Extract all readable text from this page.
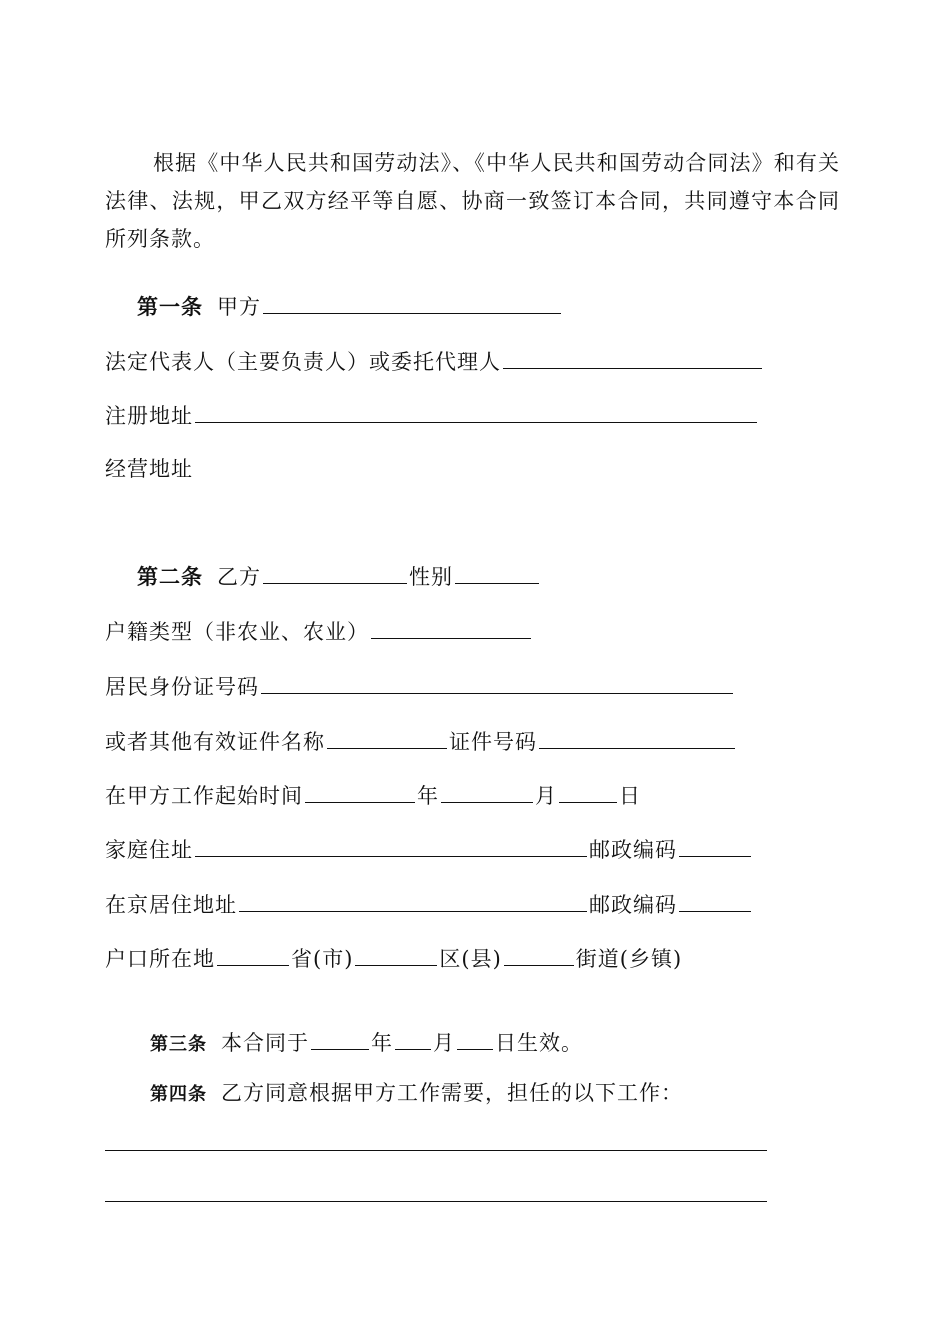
根据《中华人民共和国劳动法》、《中华人民共和国劳动合同法》和有关法律、法规，甲乙双方经平等自愿、协商一致签订本合同，共同遵守本合同所列条款。

第一条 甲方
法定代表人（主要负责人）或委托代理人
注册地址
经营地址
第二条 乙方	性别
户籍类型（非农业、农业）
居民身份证号码
或者其他有效证件名称	证件号码
在甲方工作起始时间	年	月	日
家庭住址	邮政编码
在京居住地址	邮政编码
户口所在地	省(市)	区(县)	街道(乡镇)
第三条 本合同于	年 月 日生效。
第四条 乙方同意根据甲方工作需要，担任的以下工作：
